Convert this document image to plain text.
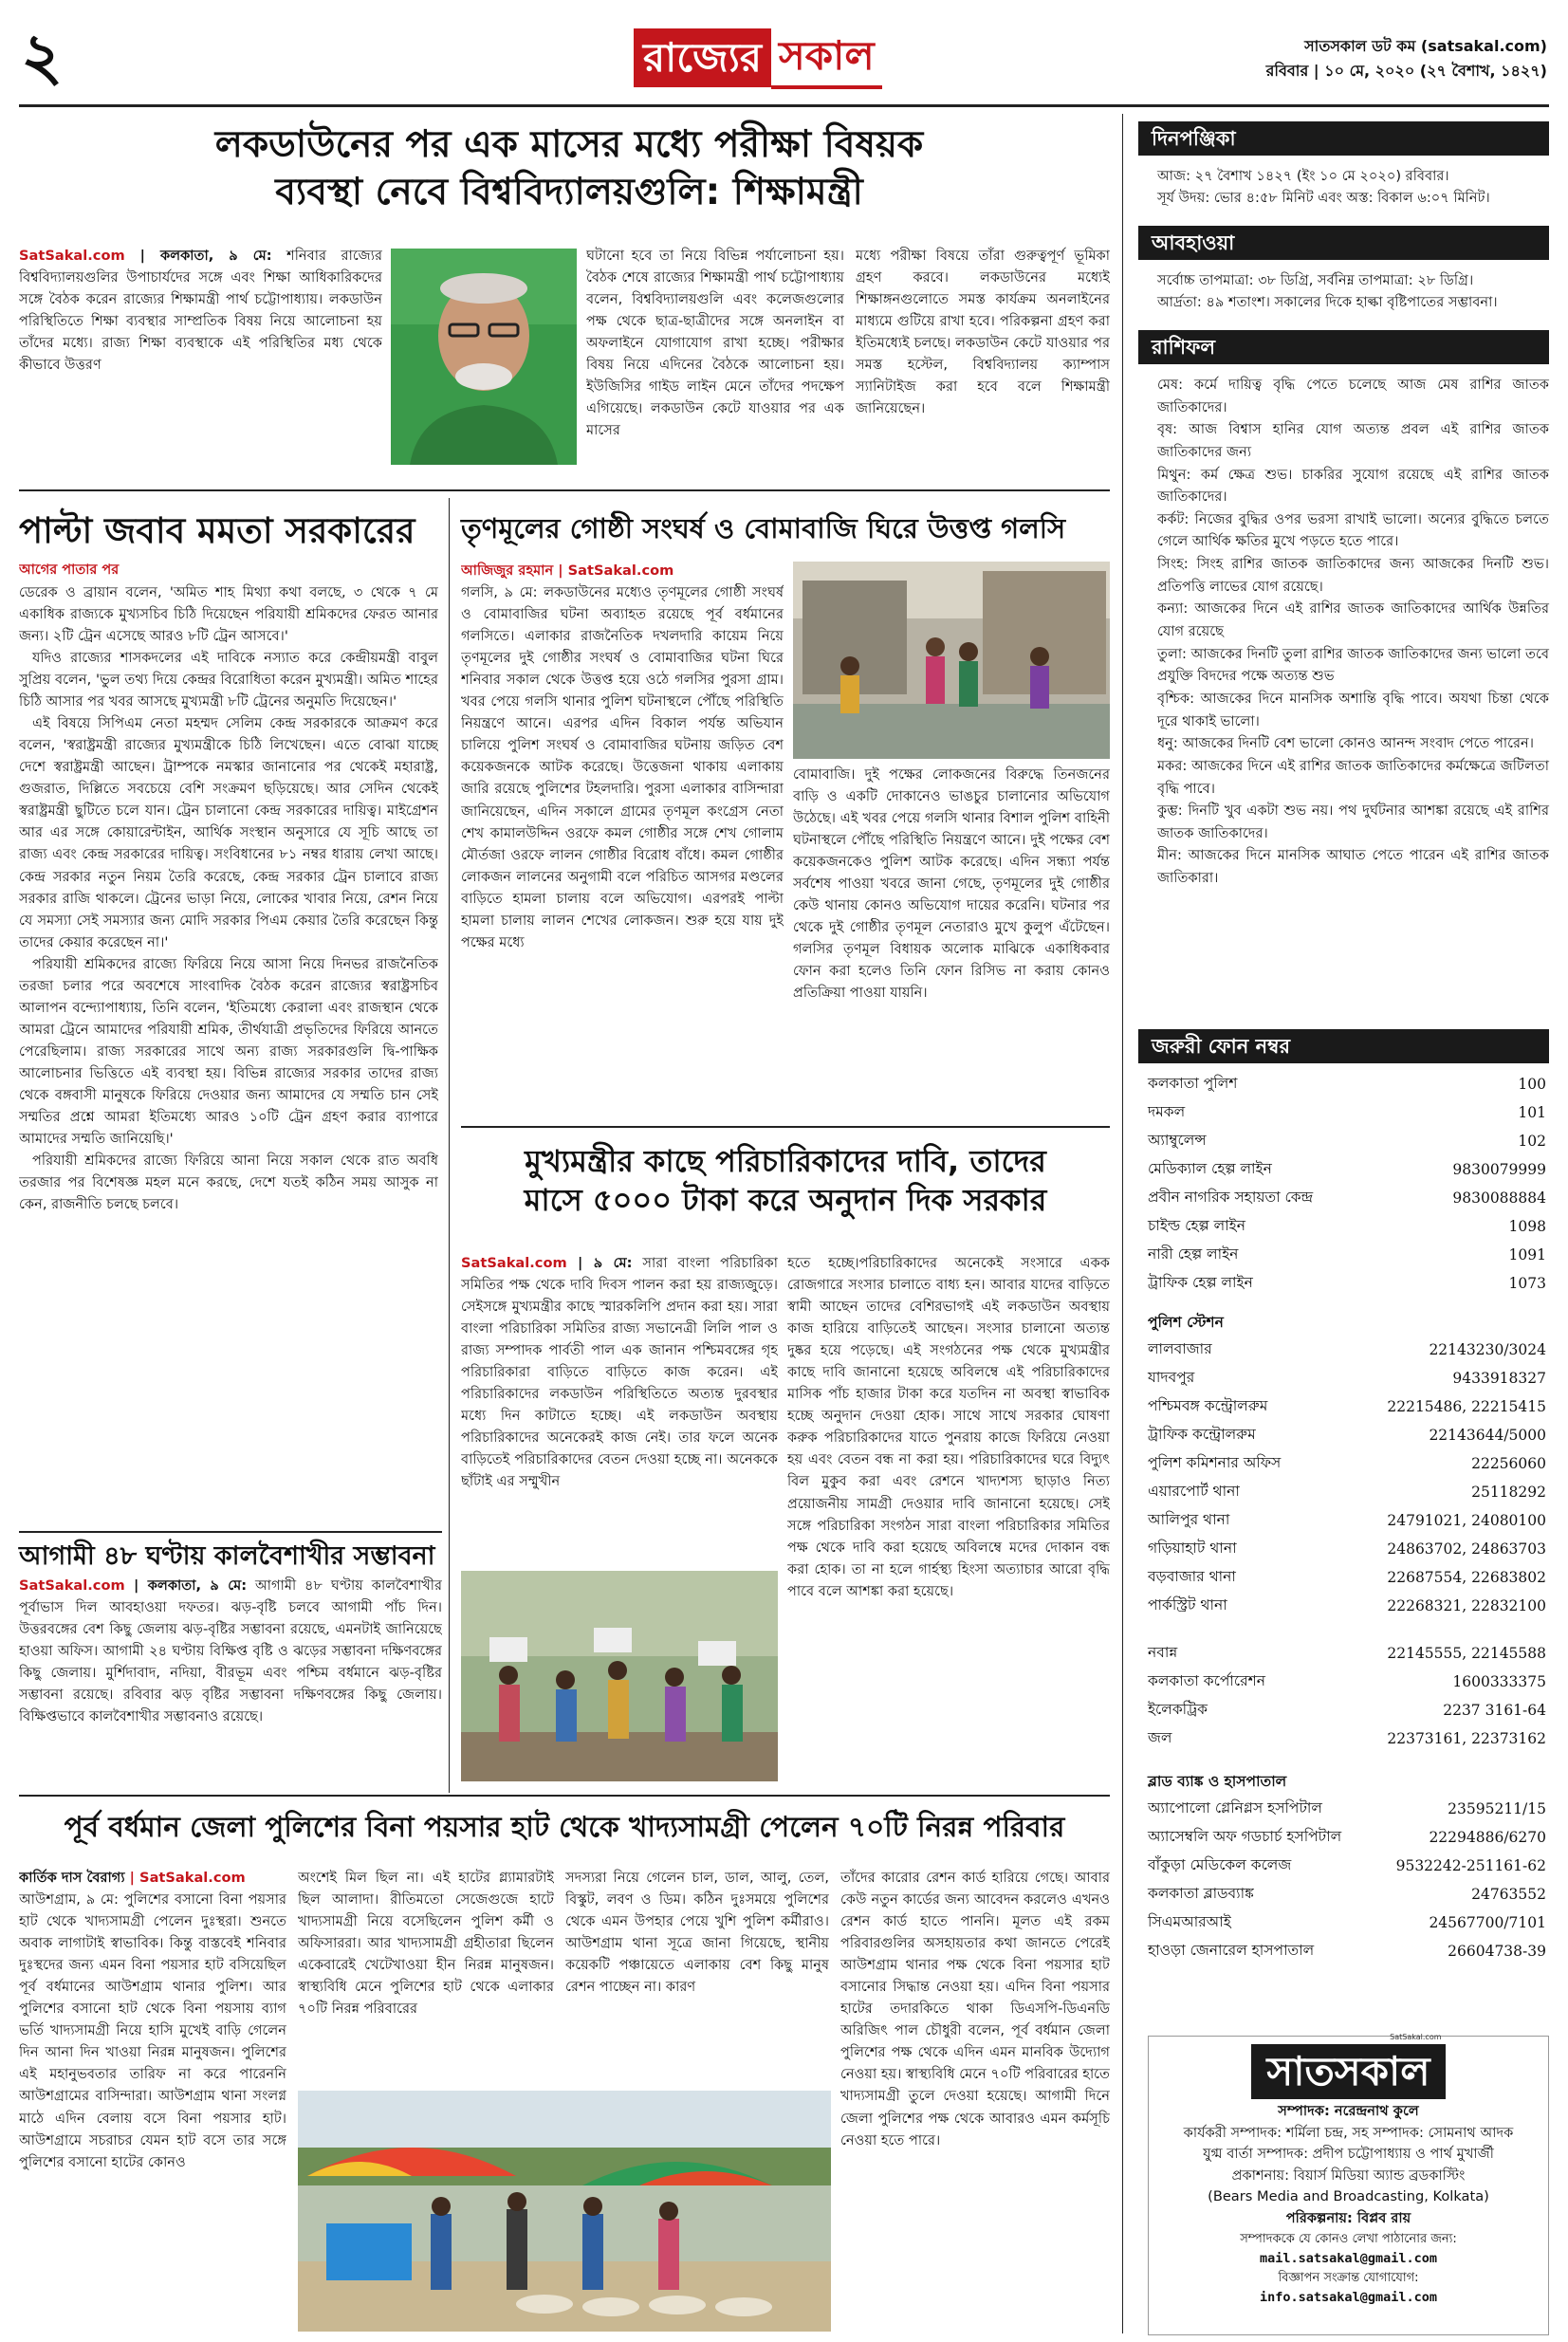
২	রাজ্যের সকাল	সাতসকাল ডট কম (satsakal.com)
রবিবার | ১০ মে, ২০২০ (২৭ বৈশাখ, ১৪২৭)
লকডাউনের পর এক মাসের মধ্যে পরীক্ষা বিষয়ক
ব্যবস্থা নেবে বিশ্ববিদ্যালয়গুলি: শিক্ষামন্ত্রী
SatSakal.com | কলকাতা, ৯ মে: শনিবার রাজ্যের বিশ্ববিদ্যালয়গুলির উপাচার্যদের সঙ্গে এবং শিক্ষা আধিকারিকদের সঙ্গে বৈঠক করেন রাজ্যের শিক্ষামন্ত্রী পার্থ চট্টোপাধ্যায়। লকডাউন পরিস্থিতিতে শিক্ষা ব্যবস্থার সাম্প্রতিক বিষয় নিয়ে আলোচনা হয় তাঁদের মধ্যে। রাজ্য শিক্ষা ব্যবস্থাকে এই পরিস্থিতির মধ্য থেকে কীভাবে উত্তরণ
ঘটানো হবে তা নিয়ে বিভিন্ন পর্যালোচনা হয়। বৈঠক শেষে রাজ্যের শিক্ষামন্ত্রী পার্থ চট্টোপাধ্যায় বলেন, বিশ্ববিদ্যালয়গুলি এবং কলেজগুলোর পক্ষ থেকে ছাত্র-ছাত্রীদের সঙ্গে অনলাইন বা অফলাইনে যোগাযোগ রাখা হচ্ছে। পরীক্ষার বিষয় নিয়ে এদিনের বৈঠকে আলোচনা হয়। ইউজিসির গাইড লাইন মেনে তাঁদের পদক্ষেপ এগিয়েছে। লকডাউন কেটে যাওয়ার পর এক মাসের
মধ্যে পরীক্ষা বিষয়ে তাঁরা গুরুত্বপূর্ণ ভূমিকা গ্রহণ করবে। লকডাউনের মধ্যেই শিক্ষাঙ্গনগুলোতে সমস্ত কার্যক্রম অনলাইনের মাধ্যমে গুটিয়ে রাখা হবে। পরিকল্পনা গ্রহণ করা ইতিমধ্যেই চলছে। লকডাউন কেটে যাওয়ার পর সমস্ত হস্টেল, বিশ্ববিদ্যালয় ক্যাম্পাস স্যানিটাইজ করা হবে বলে শিক্ষামন্ত্রী জানিয়েছেন।
পাল্টা জবাব মমতা সরকারের
আগের পাতার পর

ডেরেক ও ব্রায়ান বলেন, 'অমিত শাহ মিথ্যা কথা বলছে, ৩ থেকে ৭ মে একাধিক রাজ্যকে মুখ্যসচিব চিঠি দিয়েছেন পরিযায়ী শ্রমিকদের ফেরত আনার জন্য। ২টি ট্রেন এসেছে আরও ৮টি ট্রেন আসবে।'

যদিও রাজ্যের শাসকদলের এই দাবিকে নস্যাত করে কেন্দ্রীয়মন্ত্রী বাবুল সুপ্রিয় বলেন, 'ভুল তথ্য দিয়ে কেন্দ্রর বিরোধিতা করেন মুখ্যমন্ত্রী। অমিত শাহের চিঠি আসার পর খবর আসছে মুখ্যমন্ত্রী ৮টি ট্রেনের অনুমতি দিয়েছেন।'

এই বিষয়ে সিপিএম নেতা মহম্মদ সেলিম কেন্দ্র সরকারকে আক্রমণ করে বলেন, 'স্বরাষ্ট্রমন্ত্রী রাজ্যের মুখ্যমন্ত্রীকে চিঠি লিখেছেন। এতে বোঝা যাচ্ছে দেশে স্বরাষ্ট্রমন্ত্রী আছেন। ট্রাম্পকে নমস্কার জানানোর পর থেকেই মহারাষ্ট্র, গুজরাত, দিল্লিতে সবচেয়ে বেশি সংক্রমণ ছড়িয়েছে। আর সেদিন থেকেই স্বরাষ্ট্রমন্ত্রী ছুটিতে চলে যান। ট্রেন চালানো কেন্দ্র সরকারের দায়িত্ব। মাইগ্রেশন আর এর সঙ্গে কোয়ারেন্টাইন, আর্থিক সংস্থান অনুসারে যে সূচি আছে তা রাজ্য এবং কেন্দ্র সরকারের দায়িত্ব। সংবিধানের ৮১ নম্বর ধারায় লেখা আছে। কেন্দ্র সরকার নতুন নিয়ম তৈরি করেছে, কেন্দ্র সরকার ট্রেন চালাবে রাজ্য সরকার রাজি থাকলে। ট্রেনের ভাড়া নিয়ে, লোকের খাবার নিয়ে, রেশন নিয়ে যে সমস্যা সেই সমস্যার জন্য মোদি সরকার পিএম কেয়ার তৈরি করেছেন কিন্তু তাদের কেয়ার করেছেন না।'

পরিযায়ী শ্রমিকদের রাজ্যে ফিরিয়ে নিয়ে আসা নিয়ে দিনভর রাজনৈতিক তরজা চলার পরে অবশেষে সাংবাদিক বৈঠক করেন রাজ্যের স্বরাষ্ট্রসচিব আলাপন বন্দ্যোপাধ্যায়, তিনি বলেন, 'ইতিমধ্যে কেরালা এবং রাজস্থান থেকে আমরা ট্রেনে আমাদের পরিযায়ী শ্রমিক, তীর্থযাত্রী প্রভৃতিদের ফিরিয়ে আনতে পেরেছিলাম। রাজ্য সরকারের সাথে অন্য রাজ্য সরকারগুলি দ্বি-পাক্ষিক আলোচনার ভিত্তিতে এই ব্যবস্থা হয়। বিভিন্ন রাজ্যের সরকার তাদের রাজ্য থেকে বঙ্গবাসী মানুষকে ফিরিয়ে দেওয়ার জন্য আমাদের যে সম্মতি চান সেই সম্মতির প্রশ্নে আমরা ইতিমধ্যে আরও ১০টি ট্রেন গ্রহণ করার ব্যাপারে আমাদের সম্মতি জানিয়েছি।'

পরিযায়ী শ্রমিকদের রাজ্যে ফিরিয়ে আনা নিয়ে সকাল থেকে রাত অবধি তরজার পর বিশেষজ্ঞ মহল মনে করছে, দেশে যতই কঠিন সময় আসুক না কেন, রাজনীতি চলছে চলবে।

আগামী ৪৮ ঘণ্টায় কালবৈশাখীর সম্ভাবনা
SatSakal.com | কলকাতা, ৯ মে: আগামী ৪৮ ঘণ্টায় কালবৈশাখীর পূর্বাভাস দিল আবহাওয়া দফতর। ঝড়-বৃষ্টি চলবে আগামী পাঁচ দিন। উত্তরবঙ্গের বেশ কিছু জেলায় ঝড়-বৃষ্টির সম্ভাবনা রয়েছে, এমনটাই জানিয়েছে হাওয়া অফিস। আগামী ২৪ ঘণ্টায় বিক্ষিপ্ত বৃষ্টি ও ঝড়ের সম্ভাবনা দক্ষিণবঙ্গের কিছু জেলায়। মুর্শিদাবাদ, নদিয়া, বীরভূম এবং পশ্চিম বর্ধমানে ঝড়-বৃষ্টির সম্ভাবনা রয়েছে। রবিবার ঝড় বৃষ্টির সম্ভাবনা দক্ষিণবঙ্গের কিছু জেলায়। বিক্ষিপ্তভাবে কালবৈশাখীর সম্ভাবনাও রয়েছে।
তৃণমূলের গোষ্ঠী সংঘর্ষ ও বোমাবাজি ঘিরে উত্তপ্ত গলসি
আজিজুর রহমান | SatSakal.com
গলসি, ৯ মে: লকডাউনের মধ্যেও তৃণমূলের গোষ্ঠী সংঘর্ষ ও বোমাবাজির ঘটনা অব্যাহত রয়েছে পূর্ব বর্ধমানের গলসিতে। এলাকার রাজনৈতিক দখলদারি কায়েম নিয়ে তৃণমূলের দুই গোষ্ঠীর সংঘর্ষ ও বোমাবাজির ঘটনা ঘিরে শনিবার সকাল থেকে উত্তপ্ত হয়ে ওঠে গলসির পুরসা গ্রাম। খবর পেয়ে গলসি থানার পুলিশ ঘটনাস্থলে পৌঁছে পরিস্থিতি নিয়ন্ত্রণে আনে। এরপর এদিন বিকাল পর্যন্ত অভিযান চালিয়ে পুলিশ সংঘর্ষ ও বোমাবাজির ঘটনায় জড়িত বেশ কয়েকজনকে আটক করেছে। উত্তেজনা থাকায় এলাকায় জারি রয়েছে পুলিশের টহলদারি। পুরসা এলাকার বাসিন্দারা জানিয়েছেন, এদিন সকালে গ্রামের তৃণমূল কংগ্রেস নেতা শেখ কামালউদ্দিন ওরফে কমল গোষ্ঠীর সঙ্গে শেখ গোলাম মৌর্তজা ওরফে লালন গোষ্ঠীর বিরোধ বাঁধে। কমল গোষ্ঠীর লোকজন লালনের অনুগামী বলে পরিচিত আসগর মণ্ডলের বাড়িতে হামলা চালায় বলে অভিযোগ। এরপরই পাল্টা হামলা চালায় লালন শেখের লোকজন। শুরু হয়ে যায় দুই পক্ষের মধ্যে
বোমাবাজি। দুই পক্ষের লোকজনের বিরুদ্ধে তিনজনের বাড়ি ও একটি দোকানেও ভাঙচুর চালানোর অভিযোগ উঠেছে। এই খবর পেয়ে গলসি থানার বিশাল পুলিশ বাহিনী ঘটনাস্থলে পৌঁছে পরিস্থিতি নিয়ন্ত্রণে আনে। দুই পক্ষের বেশ কয়েকজনকেও পুলিশ আটক করেছে। এদিন সন্ধ্যা পর্যন্ত সর্বশেষ পাওয়া খবরে জানা গেছে, তৃণমূলের দুই গোষ্ঠীর কেউ থানায় কোনও অভিযোগ দায়ের করেনি। ঘটনার পর থেকে দুই গোষ্ঠীর তৃণমূল নেতারাও মুখে কুলুপ এঁটেছেন। গলসির তৃণমূল বিধায়ক অলোক মাঝিকে একাধিকবার ফোন করা হলেও তিনি ফোন রিসিভ না করায় কোনও প্রতিক্রিয়া পাওয়া যায়নি।
মুখ্যমন্ত্রীর কাছে পরিচারিকাদের দাবি, তাদের
মাসে ৫০০০ টাকা করে অনুদান দিক সরকার
SatSakal.com | ৯ মে: সারা বাংলা পরিচারিকা সমিতির পক্ষ থেকে দাবি দিবস পালন করা হয় রাজ্যজুড়ে। সেইসঙ্গে মুখ্যমন্ত্রীর কাছে স্মারকলিপি প্রদান করা হয়। সারা বাংলা পরিচারিকা সমিতির রাজ্য সভানেত্রী লিলি পাল ও রাজ্য সম্পাদক পার্বতী পাল এক জানান পশ্চিমবঙ্গের গৃহ পরিচারিকারা বাড়িতে বাড়িতে কাজ করেন। এই পরিচারিকাদের লকডাউন পরিস্থিতিতে অত্যন্ত দুরবস্থার মধ্যে দিন কাটাতে হচ্ছে। এই লকডাউন অবস্থায় পরিচারিকাদের অনেকেরই কাজ নেই। তার ফলে অনেক বাড়িতেই পরিচারিকাদের বেতন দেওয়া হচ্ছে না। অনেককে ছাঁটাই এর সম্মুখীন
হতে হচ্ছে।পরিচারিকাদের অনেকেই সংসারে একক রোজগারে সংসার চালাতে বাধ্য হন। আবার যাদের বাড়িতে স্বামী আছেন তাদের বেশিরভাগই এই লকডাউন অবস্থায় কাজ হারিয়ে বাড়িতেই আছেন। সংসার চালানো অত্যন্ত দুষ্কর হয়ে পড়েছে। এই সংগঠনের পক্ষ থেকে মুখ্যমন্ত্রীর কাছে দাবি জানানো হয়েছে অবিলম্বে এই পরিচারিকাদের মাসিক পাঁচ হাজার টাকা করে যতদিন না অবস্থা স্বাভাবিক হচ্ছে অনুদান দেওয়া হোক। সাথে সাথে সরকার ঘোষণা করুক পরিচারিকাদের যাতে পুনরায় কাজে ফিরিয়ে নেওয়া হয় এবং বেতন বন্ধ না করা হয়। পরিচারিকাদের ঘরে বিদ্যুৎ বিল মুকুব করা এবং রেশনে খাদ্যশস্য ছাড়াও নিত্য প্রয়োজনীয় সামগ্রী দেওয়ার দাবি জানানো হয়েছে। সেই সঙ্গে পরিচারিকা সংগঠন সারা বাংলা পরিচারিকার সমিতির পক্ষ থেকে দাবি করা হয়েছে অবিলম্বে মদের দোকান বন্ধ করা হোক। তা না হলে গার্হস্থ্য হিংসা অত্যাচার আরো বৃদ্ধি পাবে বলে আশঙ্কা করা হয়েছে।
পূর্ব বর্ধমান জেলা পুলিশের বিনা পয়সার হাট থেকে খাদ্যসামগ্রী পেলেন ৭০টি নিরন্ন পরিবার
কার্তিক দাস বৈরাগ্য | SatSakal.com
আউশগ্রাম, ৯ মে: পুলিশের বসানো বিনা পয়সার হাট থেকে খাদ্যসামগ্রী পেলেন দুঃস্থরা। শুনতে অবাক লাগাটাই স্বাভাবিক। কিন্তু বাস্তবেই শনিবার দুঃস্থদের জন্য এমন বিনা পয়সার হাট বসিয়েছিল পূর্ব বর্ধমানের আউশগ্রাম থানার পুলিশ। আর পুলিশের বসানো হাট থেকে বিনা পয়সায় ব্যাগ ভর্তি খাদ্যসামগ্রী নিয়ে হাসি মুখেই বাড়ি গেলেন দিন আনা দিন খাওয়া নিরন্ন মানুষজন। পুলিশের এই মহানুভবতার তারিফ না করে পারেননি আউশগ্রামের বাসিন্দারা। আউশগ্রাম থানা সংলগ্ন মাঠে এদিন বেলায় বসে বিনা পয়সার হাট। আউশগ্রামে সচরাচর যেমন হাট বসে তার সঙ্গে পুলিশের বসানো হাটের কোনও
অংশেই মিল ছিল না। এই হাটের গ্ল্যামারটাই ছিল আলাদা। রীতিমতো সেজেগুজে হাটে খাদ্যসামগ্রী নিয়ে বসেছিলেন পুলিশ কর্মী ও অফিসাররা। আর খাদ্যসামগ্রী গ্রহীতারা ছিলেন একেবারেই খেটেখাওয়া হীন নিরন্ন মানুষজন। স্বাস্থ্যবিধি মেনে পুলিশের হাট থেকে এলাকার ৭০টি নিরন্ন পরিবারের
সদস্যরা নিয়ে গেলেন চাল, ডাল, আলু, তেল, বিস্কুট, লবণ ও ডিম। কঠিন দুঃসময়ে পুলিশের থেকে এমন উপহার পেয়ে খুশি পুলিশ কর্মীরাও। আউশগ্রাম থানা সূত্রে জানা গিয়েছে, স্থানীয় কয়েকটি পঞ্চায়েতে এলাকায় বেশ কিছু মানুষ রেশন পাচ্ছেন না। কারণ
তাঁদের কারোর রেশন কার্ড হারিয়ে গেছে। আবার কেউ নতুন কার্ডের জন্য আবেদন করলেও এখনও রেশন কার্ড হাতে পাননি। মূলত এই রকম পরিবারগুলির অসহায়তার কথা জানতে পেরেই আউশগ্রাম থানার পক্ষ থেকে বিনা পয়সার হাট বসানোর সিদ্ধান্ত নেওয়া হয়। এদিন বিনা পয়সার হাটের তদারকিতে থাকা ডিএসপি-ডিএনডি অরিজিৎ পাল চৌধুরী বলেন, পূর্ব বর্ধমান জেলা পুলিশের পক্ষ থেকে এদিন এমন মানবিক উদ্যোগ নেওয়া হয়। স্বাস্থ্যবিধি মেনে ৭০টি পরিবারের হাতে খাদ্যসামগ্রী তুলে দেওয়া হয়েছে। আগামী দিনে জেলা পুলিশের পক্ষ থেকে আবারও এমন কর্মসূচি নেওয়া হতে পারে।
দিনপঞ্জিকা
আজ: ২৭ বৈশাখ ১৪২৭ (ইং ১০ মে ২০২০) রবিবার।
সূর্য উদয়: ভোর ৪:৫৮ মিনিট এবং অস্ত: বিকাল ৬:০৭ মিনিট।
আবহাওয়া
সর্বোচ্চ তাপমাত্রা: ৩৮ ডিগ্রি, সর্বনিম্ন তাপমাত্রা: ২৮ ডিগ্রি।
আর্দ্রতা: ৪৯ শতাংশ। সকালের দিকে হাল্কা বৃষ্টিপাতের সম্ভাবনা।
রাশিফল
মেষ: কর্মে দায়িত্ব বৃদ্ধি পেতে চলেছে আজ মেষ রাশির জাতক জাতিকাদের।
বৃষ: আজ বিশ্বাস হানির যোগ অত্যন্ত প্রবল এই রাশির জাতক জাতিকাদের জন্য
মিথুন: কর্ম ক্ষেত্র শুভ। চাকরির সুযোগ রয়েছে এই রাশির জাতক জাতিকাদের।
কর্কট: নিজের বুদ্ধির ওপর ভরসা রাখাই ভালো। অন্যের বুদ্ধিতে চলতে গেলে আর্থিক ক্ষতির মুখে পড়তে হতে পারে।
সিংহ: সিংহ রাশির জাতক জাতিকাদের জন্য আজকের দিনটি শুভ। প্রতিপত্তি লাভের যোগ রয়েছে।
কন্যা: আজকের দিনে এই রাশির জাতক জাতিকাদের আর্থিক উন্নতির যোগ রয়েছে
তুলা: আজকের দিনটি তুলা রাশির জাতক জাতিকাদের জন্য ভালো তবে প্রযুক্তি বিদদের পক্ষে অত্যন্ত শুভ
বৃশ্চিক: আজকের দিনে মানসিক অশান্তি বৃদ্ধি পাবে। অযথা চিন্তা থেকে দূরে থাকাই ভালো।
ধনু: আজকের দিনটি বেশ ভালো কোনও আনন্দ সংবাদ পেতে পারেন।
মকর: আজকের দিনে এই রাশির জাতক জাতিকাদের কর্মক্ষেত্রে জটিলতা বৃদ্ধি পাবে।
কুম্ভ: দিনটি খুব একটা শুভ নয়। পথ দুর্ঘটনার আশঙ্কা রয়েছে এই রাশির জাতক জাতিকাদের।
মীন: আজকের দিনে মানসিক আঘাত পেতে পারেন এই রাশির জাতক জাতিকারা।
জরুরী ফোন নম্বর
কলকাতা পুলিশ	100
দমকল	101
অ্যাম্বুলেন্স	102
মেডিক্যাল হেল্প লাইন	9830079999
প্রবীন নাগরিক সহায়তা কেন্দ্র	9830088884
চাইল্ড হেল্প লাইন	1098
নারী হেল্প লাইন	1091
ট্রাফিক হেল্প লাইন	1073
পুলিশ স্টেশন
লালবাজার	22143230/3024
যাদবপুর	9433918327
পশ্চিমবঙ্গ কন্ট্রোলরুম	22215486, 22215415
ট্রাফিক কন্ট্রোলরুম	22143644/5000
পুলিশ কমিশনার অফিস	22256060
এয়ারপোর্ট থানা	25118292
আলিপুর থানা	24791021, 24080100
গড়িয়াহাট থানা	24863702, 24863703
বড়বাজার থানা	22687554, 22683802
পার্কস্ট্রিট থানা	22268321, 22832100
নবান্ন	22145555, 22145588
কলকাতা কর্পোরেশন	1600333375
ইলেকট্রিক	2237 3161-64
জল	22373161, 22373162
ব্লাড ব্যাঙ্ক ও হাসপাতাল
অ্যাপোলো গ্লেনিগ্লস হসপিটাল	23595211/15
অ্যাসেম্বলি অফ গডচার্চ হসপিটাল	22294886/6270
বাঁকুড়া মেডিকেল কলেজ	9532242-251161-62
কলকাতা ব্লাডব্যাঙ্ক	24763552
সিএমআরআই	24567700/7101
হাওড়া জেনারেল হাসপাতাল	26604738-39
সাতসকাল
SatSakal.com
সম্পাদক: নরেন্দ্রনাথ কুলে
কার্যকরী সম্পাদক: শর্মিলা চন্দ্র, সহ সম্পাদক: সোমনাথ আদক
যুগ্ম বার্তা সম্পাদক: প্রদীপ চট্টোপাধ্যায় ও পার্থ মুখার্জী
প্রকাশনায়: বিয়ার্স মিডিয়া অ্যান্ড ব্রডকাস্টিং
(Bears Media and Broadcasting, Kolkata)
পরিকল্পনায়: বিপ্লব রায়
সম্পাদককে যে কোনও লেখা পাঠানোর জন্য:
mail.satsakal@gmail.com
বিজ্ঞাপন সংক্রান্ত যোগাযোগ:
info.satsakal@gmail.com
